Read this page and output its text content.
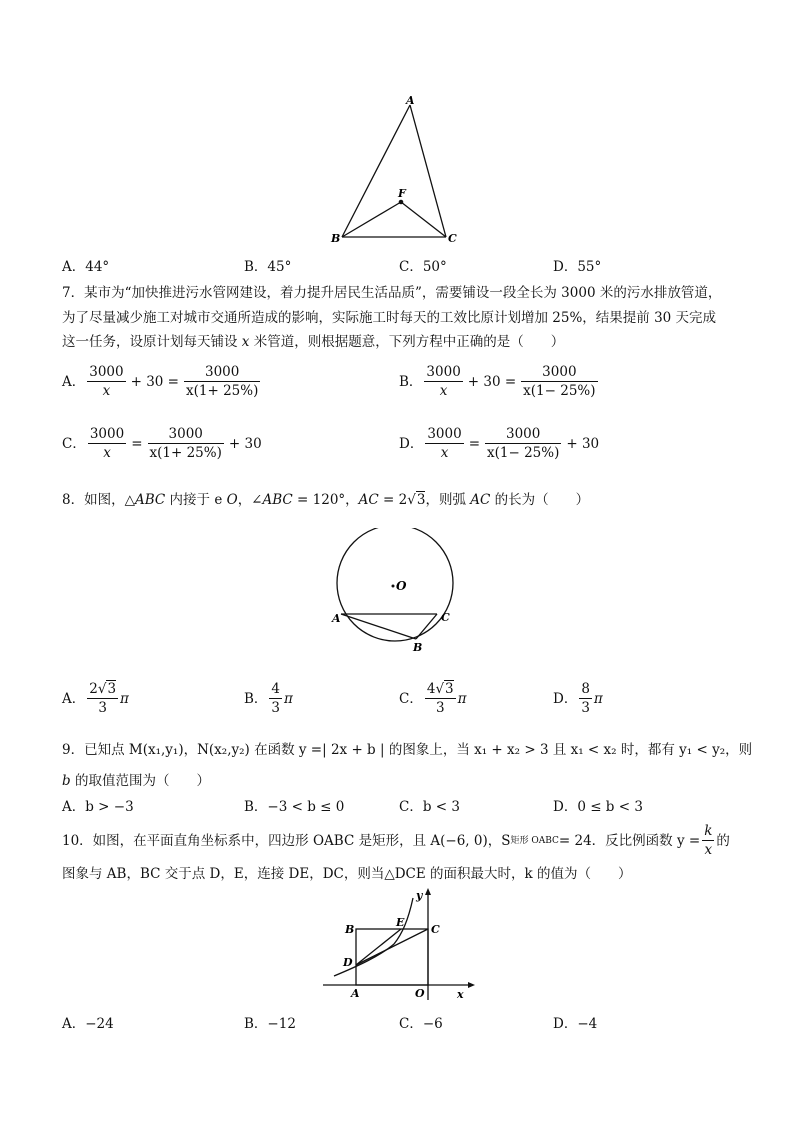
A
F
B	C
A．44°	B．45°	C．50°	D．55°
7．某市为“加快推进污水管网建设，着力提升居民生活品质”，需要铺设一段全长为 3000 米的污水排放管道，
为了尽量减少施工对城市交通所造成的影响，实际施工时每天的工效比原计划增加 25%，结果提前 30 天完成
这一任务，设原计划每天铺设 x 米管道，则根据题意，下列方程中正确的是（　　）
A． $\frac{3000}{x} + 30 = \frac{3000}{x(1+ 25\%)}$	B． $\frac{3000}{x} + 30 = \frac{3000}{x(1- 25\%)}$
C． $\frac{3000}{x} = \frac{3000}{x(1+ 25\%)} + 30$	D． $\frac{3000}{x} = \frac{3000}{x(1- 25\%)} + 30$
8．如图，△ABC 内接于 e O，∠ABC = 120°，AC = 2√3，则弧 AC 的长为（　　）
O
A	C
B
A． $\frac{2√3}{3}$ π	B． $\frac{4}{3}$ π	C． $\frac{4√3}{3}$ π	D． $\frac{8}{3}$ π
9．已知点 M(x₁,y₁)，N(x₂,y₂) 在函数 y =| 2x + b | 的图象上，当 x₁ + x₂ > 3 且 x₁ < x₂ 时，都有 y₁ < y₂，则
b 的取值范围为（　　）
A．b > −3	B．−3 < b ≤ 0	C．b < 3	D．0 ≤ b < 3
10．如图，在平面直角坐标系中，四边形 OABC 是矩形，且 A(−6, 0)，S 矩形 OABC = 24．反比例函数 $y = \frac{k}{x}$ 的
图象与 AB，BC 交于点 D，E，连接 DE，DC，则当△DCE 的面积最大时，k 的值为（　　）
y
x
B
E
C
D
A	O
A．−24	B．−12	C．−6	D．−4
